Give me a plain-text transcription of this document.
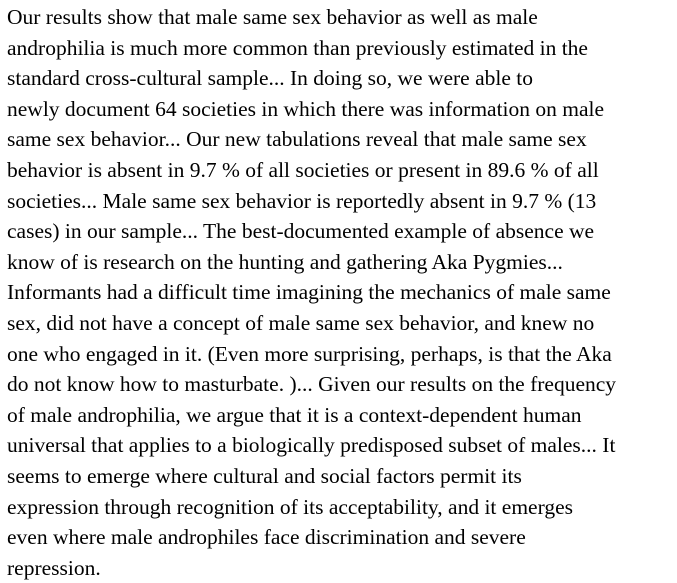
Our results show that male same sex behavior as well as male
androphilia is much more common than previously estimated in the
standard cross-cultural sample... In doing so, we were able to
newly document 64 societies in which there was information on male
same sex behavior... Our new tabulations reveal that male same sex
behavior is absent in 9.7 % of all societies or present in 89.6 % of all
societies... Male same sex behavior is reportedly absent in 9.7 % (13
cases) in our sample... The best-documented example of absence we
know of is research on the hunting and gathering Aka Pygmies...
Informants had a difficult time imagining the mechanics of male same
sex, did not have a concept of male same sex behavior, and knew no
one who engaged in it. (Even more surprising, perhaps, is that the Aka
do not know how to masturbate. )... Given our results on the frequency
of male androphilia, we argue that it is a context-dependent human
universal that applies to a biologically predisposed subset of males... It
seems to emerge where cultural and social factors permit its
expression through recognition of its acceptability, and it emerges
even where male androphiles face discrimination and severe
repression.
